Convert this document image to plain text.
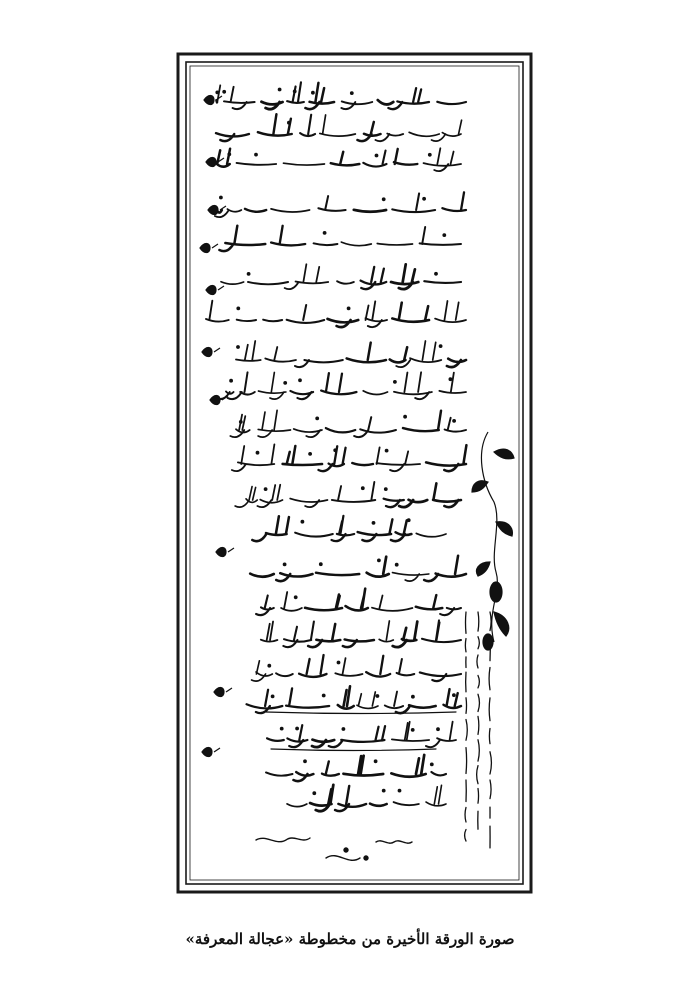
صورة الورقة الأخيرة من مخطوطة «عجالة المعرفة»
